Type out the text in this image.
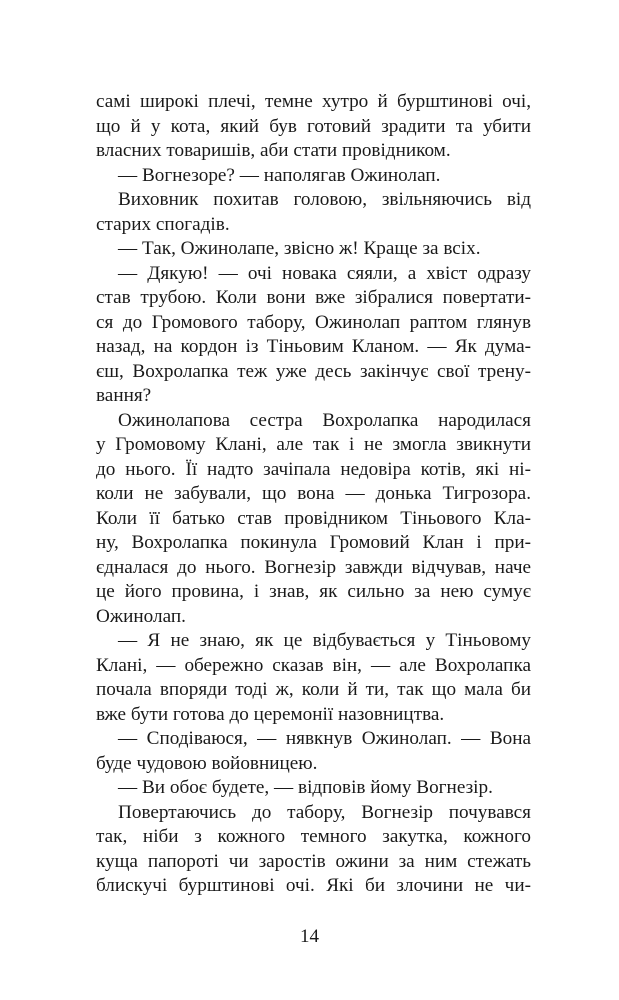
самі широкі плечі, темне хутро й бурштинові очі,
що й у кота, який був готовий зрадити та убити
власних товаришів, аби стати провідником.
— Вогнезоре? — наполягав Ожинолап.
Виховник похитав головою, звільняючись від
старих спогадів.
— Так, Ожинолапе, звісно ж! Краще за всіх.
— Дякую! — очі новака сяяли, а хвіст одразу
став трубою. Коли вони вже зібралися повертати-
ся до Громового табору, Ожинолап раптом глянув
назад, на кордон із Тіньовим Кланом. — Як дума-
єш, Вохролапка теж уже десь закінчує свої трену-
вання?
Ожинолапова сестра Вохролапка народилася
у Громовому Клані, але так і не змогла звикнути
до нього. Її надто зачіпала недовіра котів, які ні-
коли не забували, що вона — донька Тигрозора.
Коли її батько став провідником Тіньового Кла-
ну, Вохролапка покинула Громовий Клан і при-
єдналася до нього. Вогнезір завжди відчував, наче
це його провина, і знав, як сильно за нею сумує
Ожинолап.
— Я не знаю, як це відбувається у Тіньовому
Клані, — обережно сказав він, — але Вохролапка
почала впоряди тоді ж, коли й ти, так що мала би
вже бути готова до церемонії назовництва.
— Сподіваюся, — нявкнув Ожинолап. — Вона
буде чудовою войовницею.
— Ви обоє будете, — відповів йому Вогнезір.
Повертаючись до табору, Вогнезір почувався
так, ніби з кожного темного закутка, кожного
куща папороті чи заростів ожини за ним стежать
блискучі бурштинові очі. Які би злочини не чи-
14
